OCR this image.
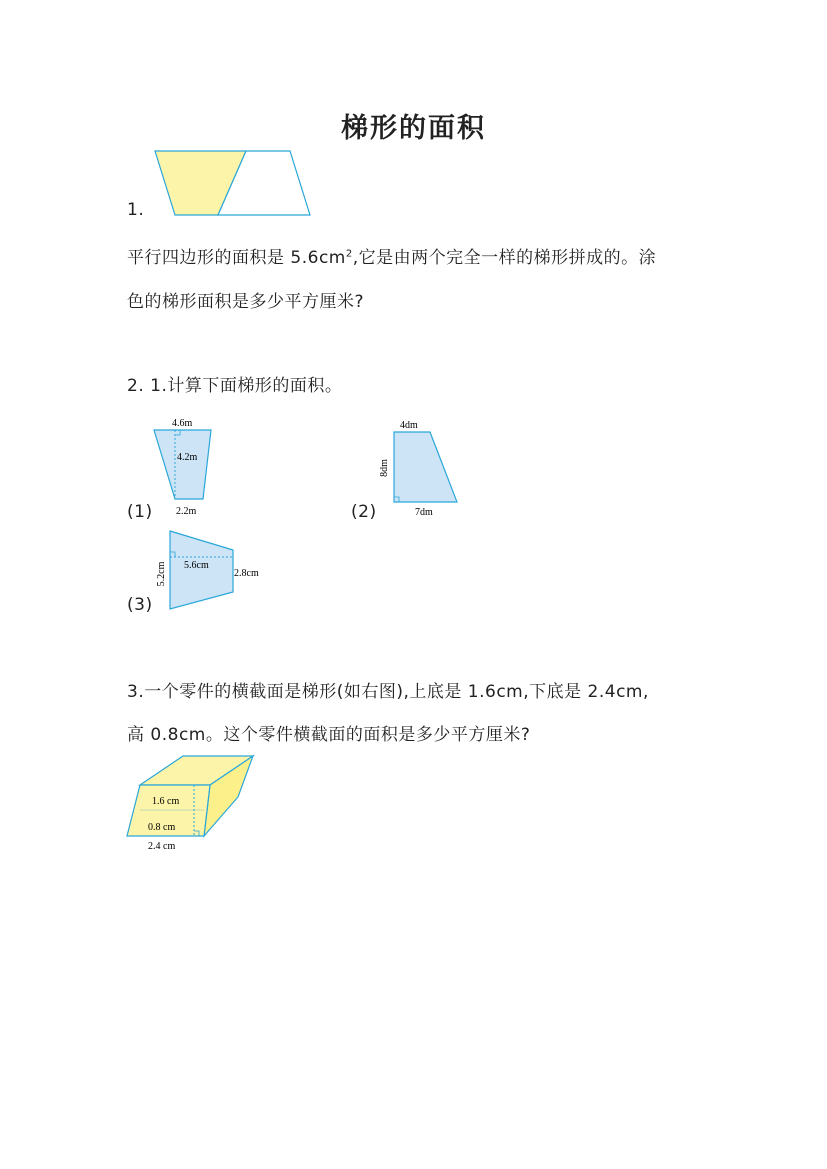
梯形的面积
1.
平行四边形的面积是 $5.6cm^2$,它是由两个完全一样的梯形拼成的。涂
色的梯形面积是多少平方厘米?
2. 1.计算下面梯形的面积。
(1)
4.6m
4.2m
2.2m	(2)
4dm
8dm
7dm
(3)
5.6cm
5.2cm	2.8cm
3.一个零件的横截面是梯形(如右图),上底是 1.6cm,下底是 2.4cm,
高 0.8cm。这个零件横截面的面积是多少平方厘米?
1.6 cm
0.8 cm
2.4 cm
